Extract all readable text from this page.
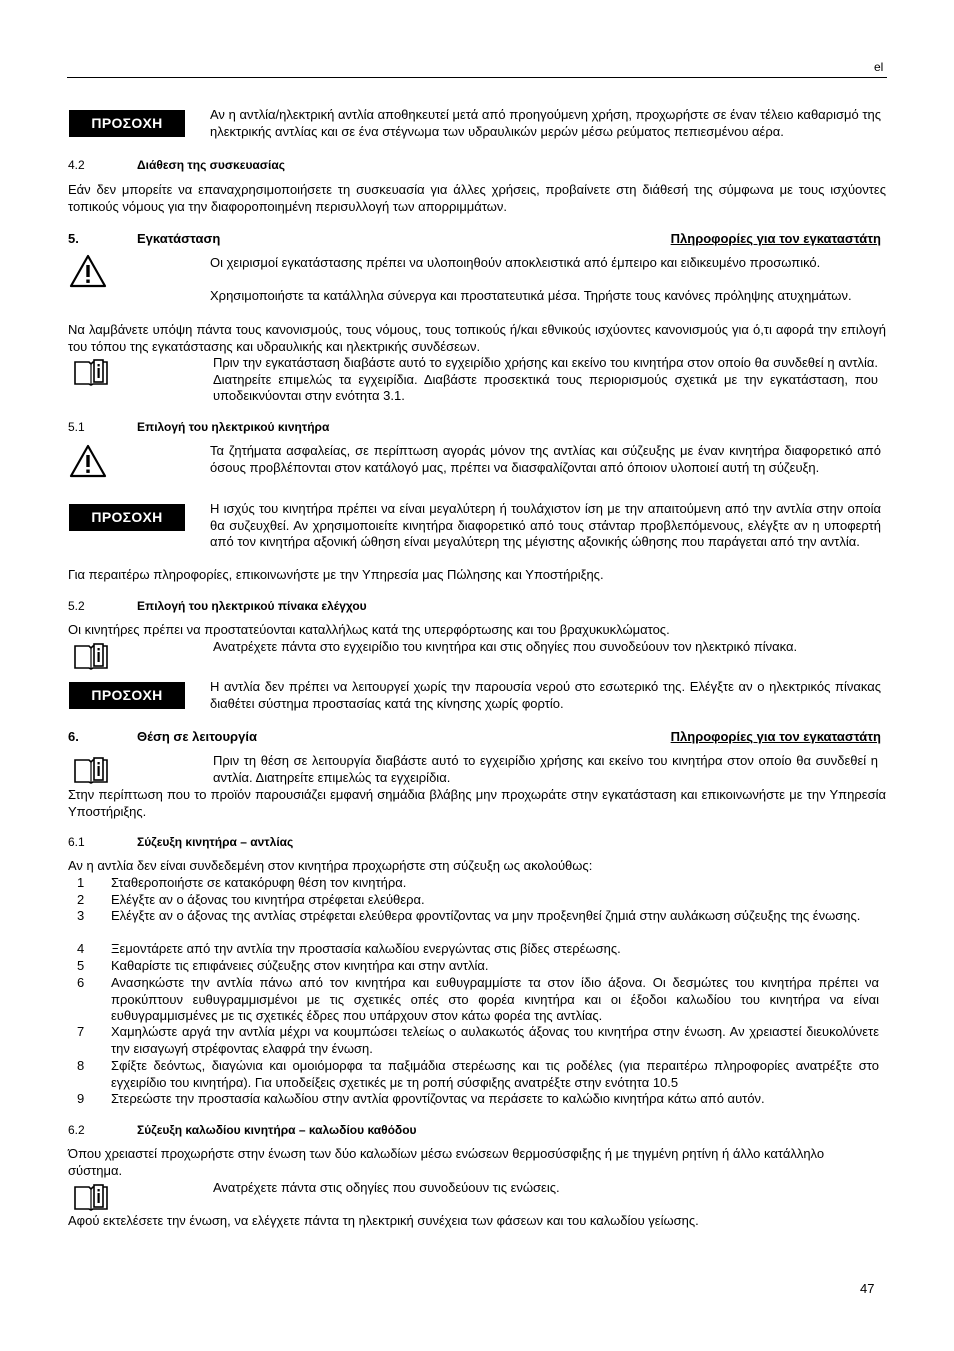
el
ΠΡΟΣΟΧΗ
Αν η αντλία/ηλεκτρική αντλία αποθηκευτεί μετά από προηγούμενη χρήση, προχωρήστε σε έναν τέλειο καθαρισμό της ηλεκτρικής αντλίας και σε ένα στέγνωμα των υδραυλικών μερών μέσω ρεύματος πεπιεσμένου αέρα.
4.2	Διάθεση της συσκευασίας
Εάν δεν μπορείτε να επαναχρησιμοποιήσετε τη συσκευασία για άλλες χρήσεις, προβαίνετε στη διάθεσή της σύμφωνα με τους ισχύοντες τοπικούς νόμους για την διαφοροποιημένη περισυλλογή των απορριμμάτων.
5.	Εγκατάσταση	Πληροφορίες για τον εγκαταστάτη
Οι χειρισμοί εγκατάστασης πρέπει να υλοποιηθούν αποκλειστικά από έμπειρο και ειδικευμένο προσωπικό.
Χρησιμοποιήστε τα κατάλληλα σύνεργα και προστατευτικά μέσα. Τηρήστε τους κανόνες πρόληψης ατυχημάτων.
Να λαμβάνετε υπόψη πάντα τους κανονισμούς, τους νόμους, τους τοπικούς ή/και εθνικούς ισχύοντες κανονισμούς για ό,τι αφορά την επιλογή του τόπου της εγκατάστασης και υδραυλικής και ηλεκτρικής συνδέσεων.
Πριν την εγκατάσταση διαβάστε αυτό το εγχειρίδιο χρήσης και εκείνο του κινητήρα στον οποίο θα συνδεθεί η αντλία. Διατηρείτε επιμελώς τα εγχειρίδια. Διαβάστε προσεκτικά τους περιορισμούς σχετικά με την εγκατάσταση, που υποδεικνύονται στην ενότητα 3.1.
5.1	Επιλογή του ηλεκτρικού κινητήρα
Τα ζητήματα ασφαλείας, σε περίπτωση αγοράς μόνον της αντλίας και σύζευξης με έναν κινητήρα διαφορετικό από όσους προβλέπονται στον κατάλογό μας, πρέπει να διασφαλίζονται από όποιον υλοποιεί αυτή τη σύζευξη.
ΠΡΟΣΟΧΗ
Η ισχύς του κινητήρα πρέπει να είναι μεγαλύτερη ή τουλάχιστον ίση με την απαιτούμενη από την αντλία στην οποία θα συζευχθεί. Αν χρησιμοποιείτε κινητήρα διαφορετικό από τους στάνταρ προβλεπόμενους, ελέγξτε αν η υποφερτή από τον κινητήρα αξονική ώθηση είναι μεγαλύτερη της μέγιστης αξονικής ώθησης που παράγεται από την αντλία.
Για περαιτέρω πληροφορίες, επικοινωνήστε με την Υπηρεσία μας Πώλησης και Υποστήριξης.
5.2	Επιλογή του ηλεκτρικού πίνακα ελέγχου
Οι κινητήρες πρέπει να προστατεύονται καταλλήλως κατά της υπερφόρτωσης και του βραχυκυκλώματος.
Ανατρέχετε πάντα στο εγχειρίδιο του κινητήρα και στις οδηγίες που συνοδεύουν τον ηλεκτρικό πίνακα.
ΠΡΟΣΟΧΗ
Η αντλία δεν πρέπει να λειτουργεί χωρίς την παρουσία νερού στο εσωτερικό της. Ελέγξτε αν ο ηλεκτρικός πίνακας διαθέτει σύστημα προστασίας κατά της κίνησης χωρίς φορτίο.
6.	Θέση σε λειτουργία	Πληροφορίες για τον εγκαταστάτη
Πριν τη θέση σε λειτουργία διαβάστε αυτό το εγχειρίδιο χρήσης και εκείνο του κινητήρα στον οποίο θα συνδεθεί η αντλία. Διατηρείτε επιμελώς τα εγχειρίδια.
Στην περίπτωση που το προϊόν παρουσιάζει εμφανή σημάδια βλάβης μην προχωράτε στην εγκατάσταση και επικοινωνήστε με την Υπηρεσία Υποστήριξης.
6.1	Σύζευξη κινητήρα – αντλίας
Αν η αντλία δεν είναι συνδεδεμένη στον κινητήρα προχωρήστε στη σύζευξη ως ακολούθως:
1 Σταθεροποιήστε σε κατακόρυφη θέση τον κινητήρα.
2 Ελέγξτε αν ο άξονας του κινητήρα στρέφεται ελεύθερα.
3 Ελέγξτε αν ο άξονας της αντλίας στρέφεται ελεύθερα φροντίζοντας να μην προξενηθεί ζημιά στην αυλάκωση σύζευξης της ένωσης.
4 Ξεμοντάρετε από την αντλία την προστασία καλωδίου ενεργώντας στις βίδες στερέωσης.
5 Καθαρίστε τις επιφάνειες σύζευξης στον κινητήρα και στην αντλία.
6 Ανασηκώστε την αντλία πάνω από τον κινητήρα και ευθυγραμμίστε τα στον ίδιο άξονα. Οι δεσμώτες του κινητήρα πρέπει να προκύπτουν ευθυγραμμισμένοι με τις σχετικές οπές στο φορέα κινητήρα και οι έξοδοι καλωδίου του κινητήρα να είναι ευθυγραμμισμένες με τις σχετικές έδρες που υπάρχουν στον κάτω φορέα της αντλίας.
7 Χαμηλώστε αργά την αντλία μέχρι να κουμπώσει τελείως ο αυλακωτός άξονας του κινητήρα στην ένωση. Αν χρειαστεί διευκολύνετε την εισαγωγή στρέφοντας ελαφρά την ένωση.
8 Σφίξτε δεόντως, διαγώνια και ομοιόμορφα τα παξιμάδια στερέωσης και τις ροδέλες (για περαιτέρω πληροφορίες ανατρέξτε στο εγχειρίδιο του κινητήρα). Για υποδείξεις σχετικές με τη ροπή σύσφιξης ανατρέξτε στην ενότητα 10.5
9 Στερεώστε την προστασία καλωδίου στην αντλία φροντίζοντας να περάσετε το καλώδιο κινητήρα κάτω από αυτόν.
6.2	Σύζευξη καλωδίου κινητήρα – καλωδίου καθόδου
Όπου χρειαστεί προχωρήστε στην ένωση των δύο καλωδίων μέσω ενώσεων θερμοσύσφιξης ή με τηγμένη ρητίνη ή άλλο κατάλληλο σύστημα.
Ανατρέχετε πάντα στις οδηγίες που συνοδεύουν τις ενώσεις.
Αφού εκτελέσετε την ένωση, να ελέγχετε πάντα τη ηλεκτρική συνέχεια των φάσεων και του καλωδίου γείωσης.
47
